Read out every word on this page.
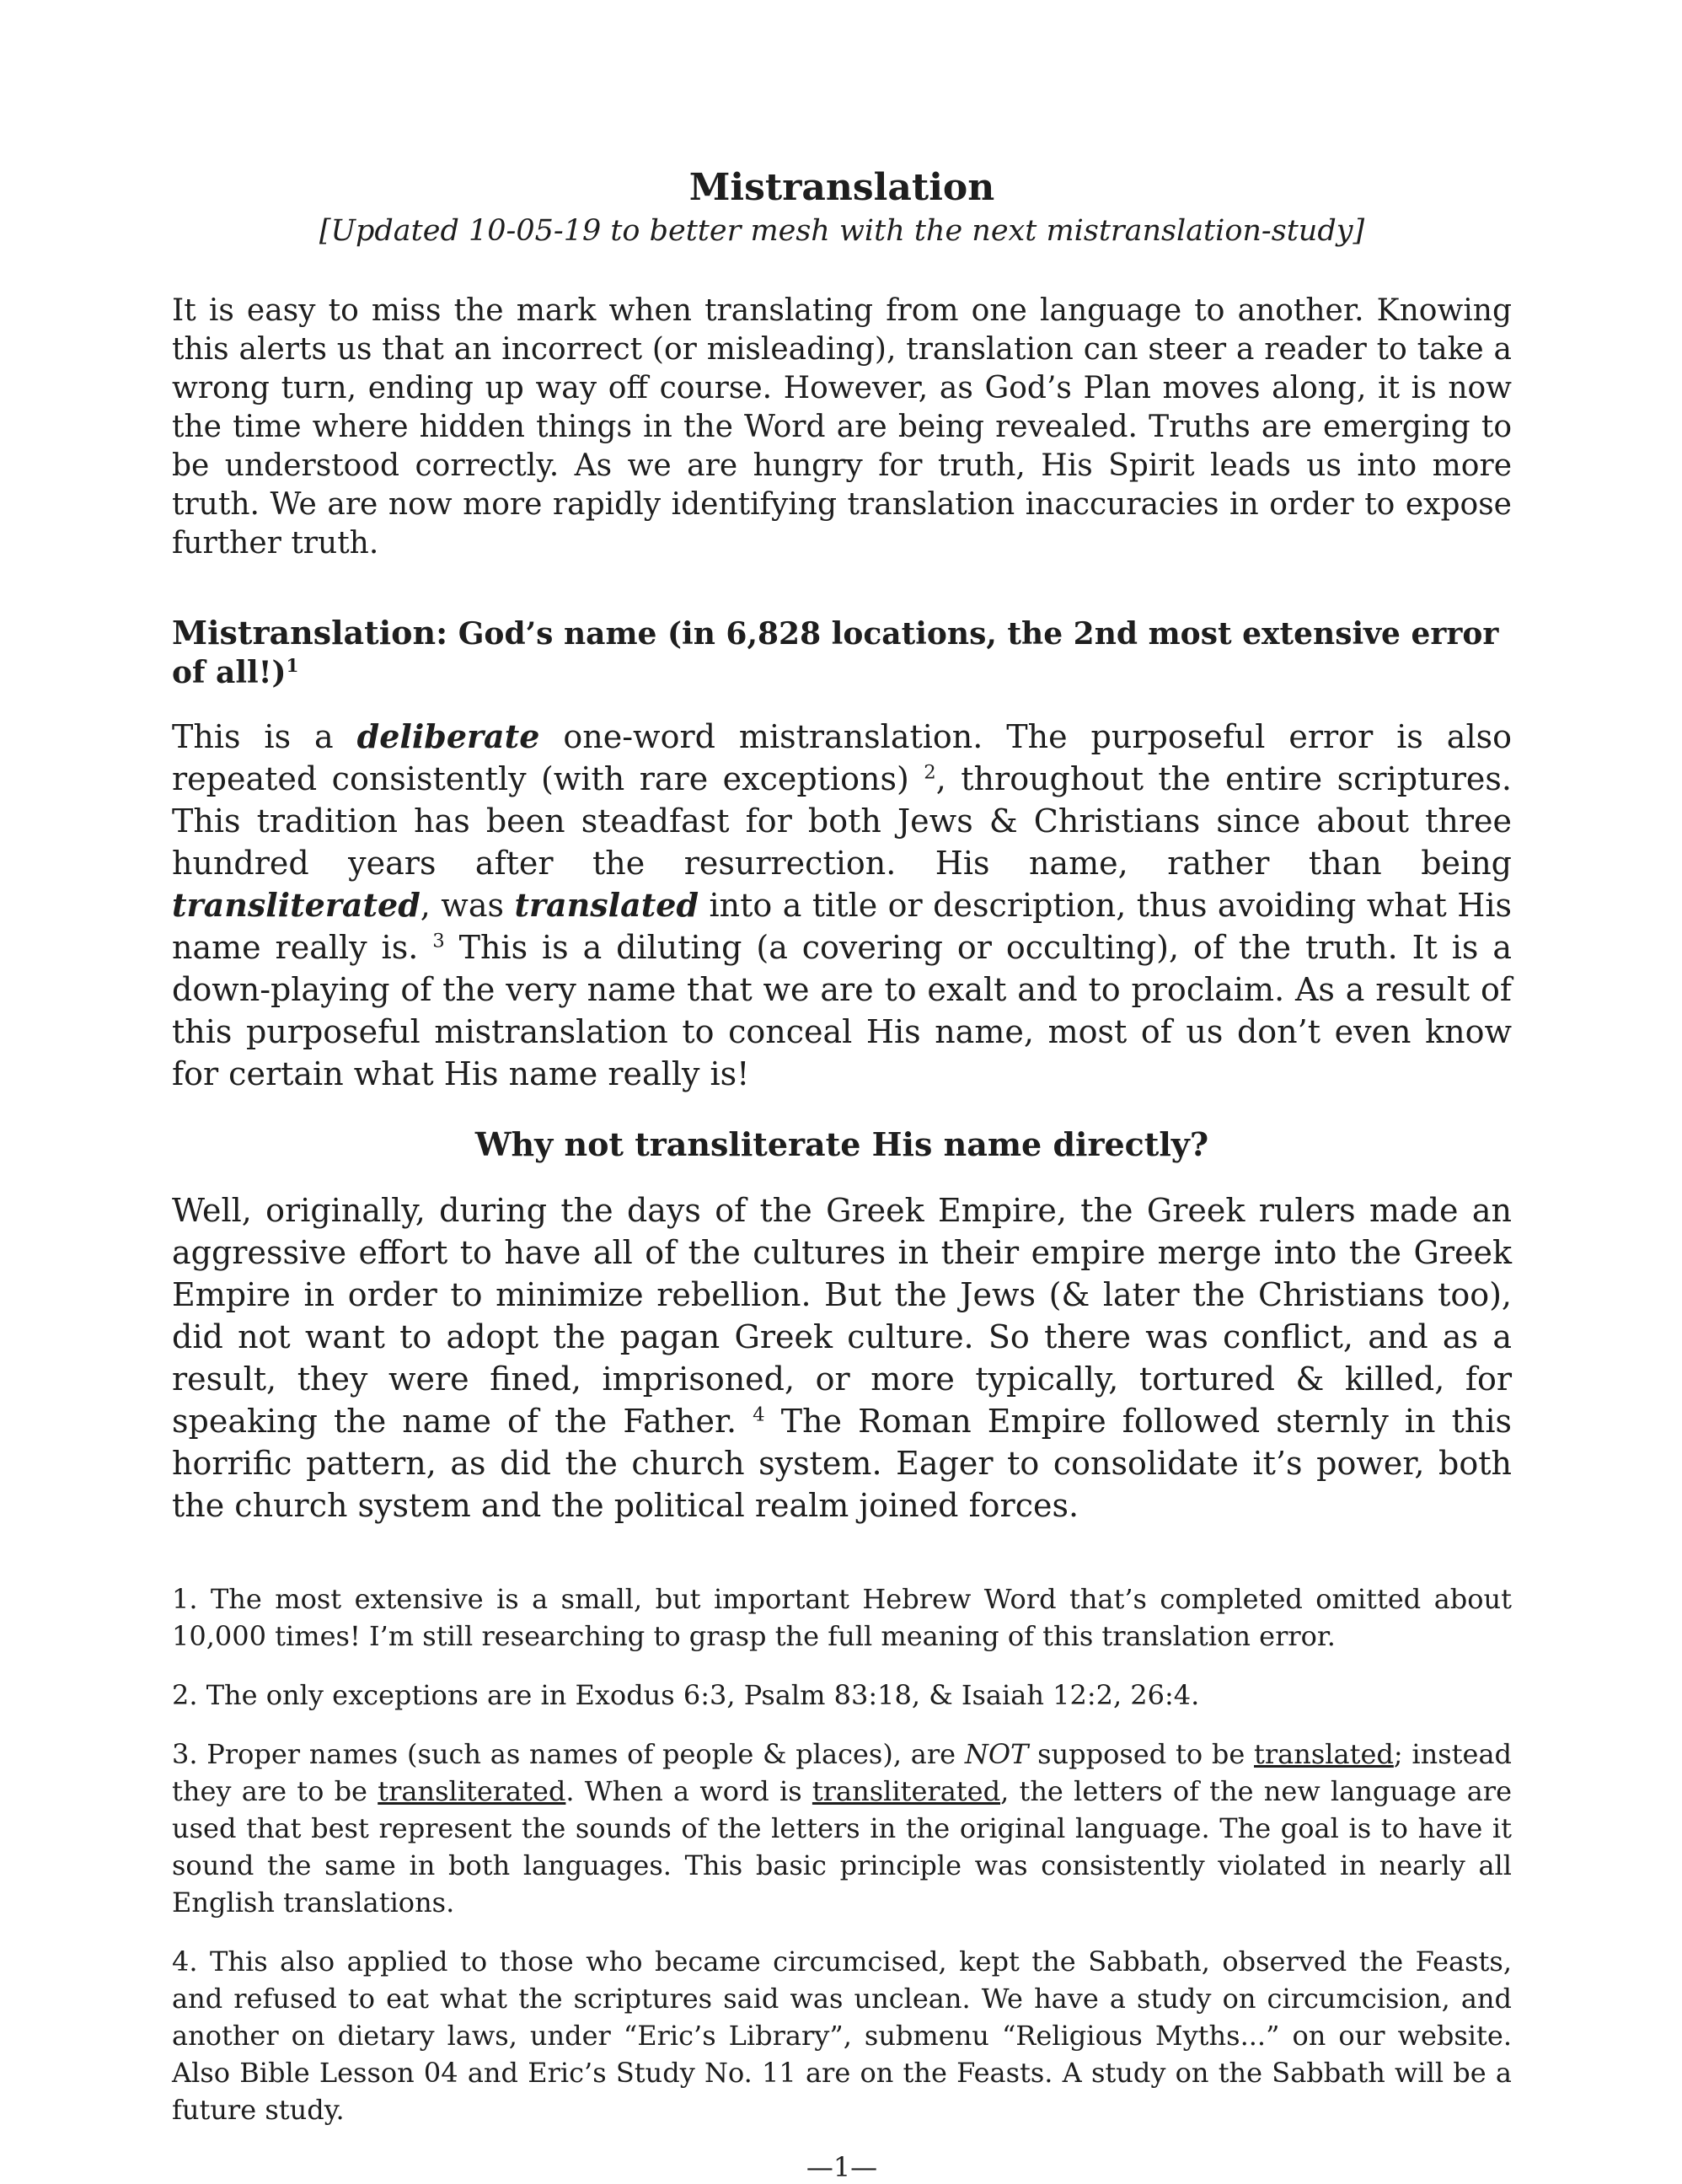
Mistranslation

[Updated 10-05-19 to better mesh with the next mistranslation-study]

It is easy to miss the mark when translating from one language to another. Knowing this alerts us that an incorrect (or misleading), translation can steer a reader to take a wrong turn, ending up way off course. However, as God’s Plan moves along, it is now the time where hidden things in the Word are being revealed. Truths are emerging to be understood correctly. As we are hungry for truth, His Spirit leads us into more truth. We are now more rapidly identifying translation inaccuracies in order to expose further truth.

Mistranslation: God’s name (in 6,828 locations, the 2nd most extensive error of all!)$^1$

This is a deliberate one-word mistranslation. The purposeful error is also repeated consistently (with rare exceptions) $^2$, throughout the entire scriptures. This tradition has been steadfast for both Jews & Christians since about three hundred years after the resurrection. His name, rather than being transliterated, was translated into a title or description, thus avoiding what His name really is. $^3$ This is a diluting (a covering or occulting), of the truth. It is a down-playing of the very name that we are to exalt and to proclaim. As a result of this purposeful mistranslation to conceal His name, most of us don’t even know for certain what His name really is!

Why not transliterate His name directly?

Well, originally, during the days of the Greek Empire, the Greek rulers made an aggressive effort to have all of the cultures in their empire merge into the Greek Empire in order to minimize rebellion. But the Jews (& later the Christians too), did not want to adopt the pagan Greek culture. So there was conflict, and as a result, they were fined, imprisoned, or more typically, tortured & killed, for speaking the name of the Father. $^4$ The Roman Empire followed sternly in this horrific pattern, as did the church system. Eager to consolidate it’s power, both the church system and the political realm joined forces.

1. The most extensive is a small, but important Hebrew Word that’s completed omitted about 10,000 times! I’m still researching to grasp the full meaning of this translation error.

2. The only exceptions are in Exodus 6:3, Psalm 83:18, & Isaiah 12:2, 26:4.

3. Proper names (such as names of people & places), are NOT supposed to be translated; instead they are to be transliterated. When a word is transliterated, the letters of the new language are used that best represent the sounds of the letters in the original language. The goal is to have it sound the same in both languages. This basic principle was consistently violated in nearly all English translations.

4. This also applied to those who became circumcised, kept the Sabbath, observed the Feasts, and refused to eat what the scriptures said was unclean. We have a study on circumcision, and another on dietary laws, under “Eric’s Library”, submenu “Religious Myths...” on our website. Also Bible Lesson 04 and Eric’s Study No. 11 are on the Feasts. A study on the Sabbath will be a future study.

—1—
